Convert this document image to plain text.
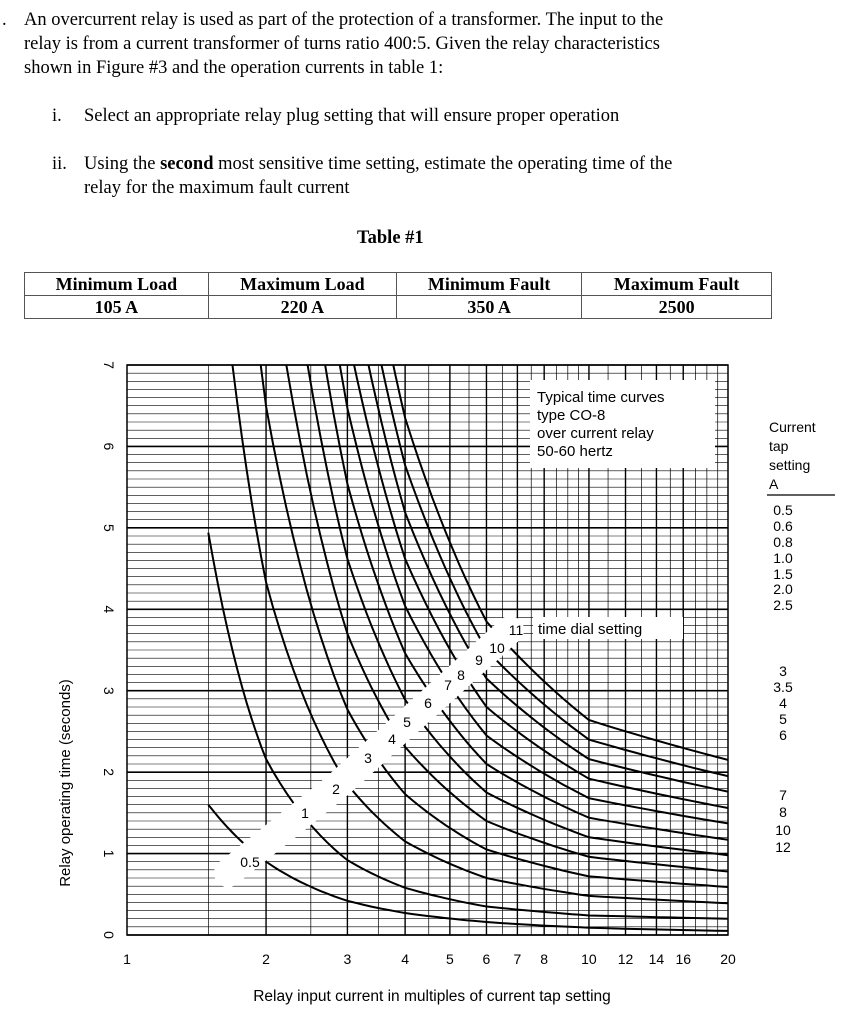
. An overcurrent relay is used as part of the protection of a transformer. The input to the
relay is from a current transformer of turns ratio 400:5. Given the relay characteristics
shown in Figure #3 and the operation currents in table 1:
i. Select an appropriate relay plug setting that will ensure proper operation
ii. Using the second most sensitive time setting, estimate the operating time of the
relay for the maximum fault current
Table #1
Minimum Load	Maximum Load	Minimum Fault	Maximum Fault
105 A	220 A	350 A	2500
0.5
1
2
3
4
5
6
7
8
9
10
11
Typical time curves
type CO-8
over current relay
50-60 hertz
time dial setting
0
1
2
3
4
5
6
7
1	2	3	4	5 6 7 8 10 12 14 16 20
Relay operating time (seconds)
Relay input current in multiples of current tap setting
Current
tap
setting
A
0.5
0.6
0.8
1.0
1.5
2.0
2.5
3
3.5
4
5
6
7
8
10
12
